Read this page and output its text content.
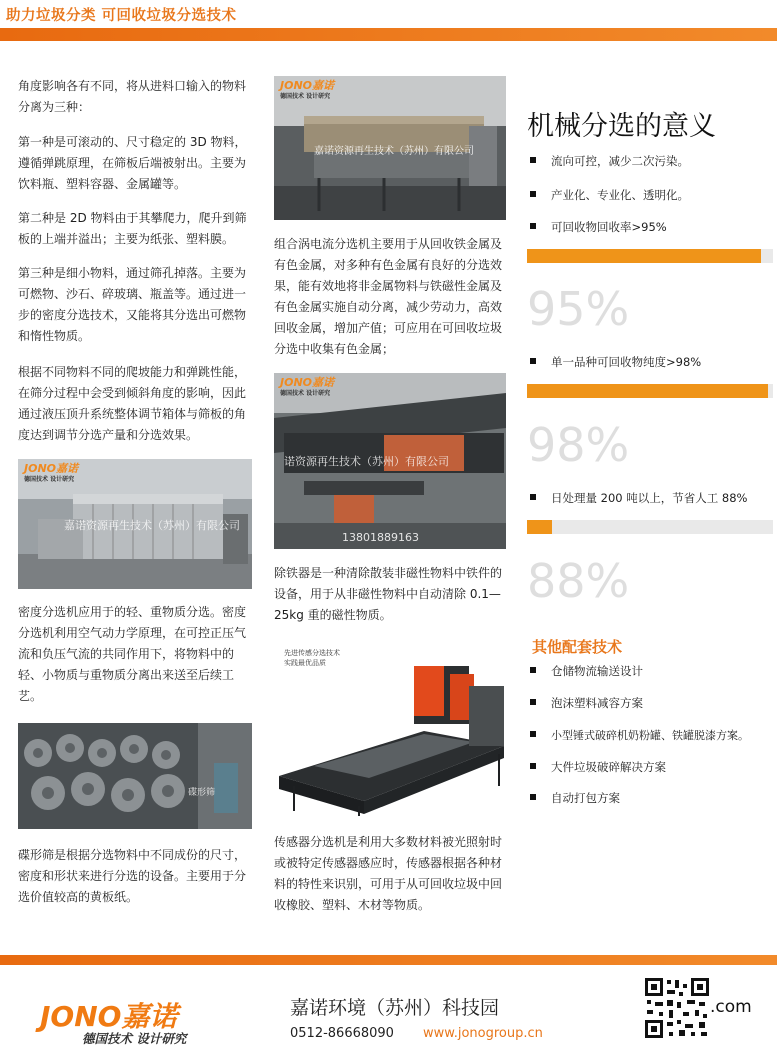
助力垃圾分类 可回收垃圾分选技术

角度影响各有不同，将从进料口输入的物料分离为三种：

第一种是可滚动的、尺寸稳定的 3D 物料，遵循弹跳原理，在筛板后端被射出。主要为饮料瓶、塑料容器、金属罐等。

第二种是 2D 物料由于其攀爬力，爬升到筛板的上端并溢出；主要为纸张、塑料膜。

第三种是细小物料，通过筛孔掉落。主要为可燃物、沙石、碎玻璃、瓶盖等。通过进一步的密度分选技术，又能将其分选出可燃物和惰性物质。

根据不同物料不同的爬坡能力和弹跳性能，在筛分过程中会受到倾斜角度的影响，因此通过液压顶升系统整体调节箱体与筛板的角度达到调节分选产量和分选效果。

JONO嘉诺
德国技术 设计研究
嘉诺资源再生技术（苏州）有限公司

密度分选机应用于的轻、重物质分选。密度分选机利用空气动力学原理，在可控正压气流和负压气流的共同作用下，将物料中的轻、小物质与重物质分离出来送至后续工艺。

碟形筛

碟形筛是根据分选物料中不同成份的尺寸，密度和形状来进行分选的设备。主要用于分选价值较高的黄板纸。

JONO嘉诺
德国技术 设计研究
嘉诺资源再生技术（苏州）有限公司

组合涡电流分选机主要用于从回收铁金属及有色金属，对多种有色金属有良好的分选效果，能有效地将非金属物料与铁磁性金属及有色金属实施自动分离，减少劳动力，高效回收金属，增加产值；可应用在可回收垃圾分选中收集有色金属；

JONO嘉诺
德国技术 设计研究
诺资源再生技术（苏州）有限公司
13801889163

除铁器是一种清除散装非磁性物料中铁件的设备，用于从非磁性物料中自动清除 0.1—25kg 重的磁性物质。

先进传感分选技术
实践最优品质

传感器分选机是利用大多数材料被光照射时或被特定传感器感应时，传感器根据各种材料的特性来识别，可用于从可回收垃圾中回收橡胶、塑料、木材等物质。

机械分选的意义
流向可控，减少二次污染。
产业化、专业化、透明化。
可回收物回收率>95%
95%
单一品种可回收物纯度>98%
98%
日处理量 200 吨以上，节省人工 88%
88%
其他配套技术
仓储物流输送设计
泡沫塑料减容方案
小型锤式破碎机奶粉罐、铁罐脱漆方案。
大件垃圾破碎解决方案
自动打包方案
JONO嘉诺
德国技术 设计研究
嘉诺环境（苏州）科技园
0512-86668090 www.jonogroup.cn
.com
